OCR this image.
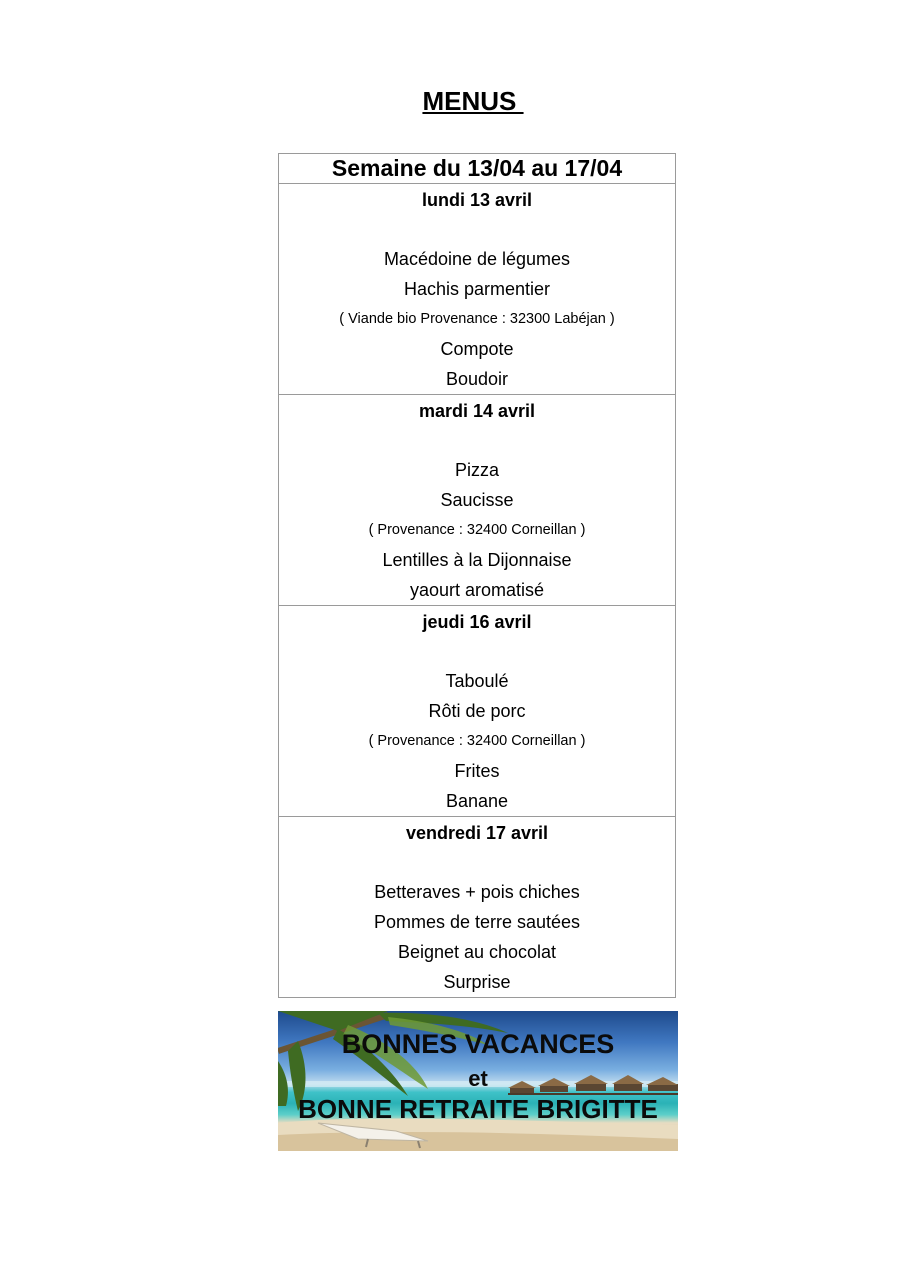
MENUS
Semaine du 13/04 au 17/04
lundi 13 avril
Macédoine de légumes
Hachis parmentier
( Viande bio Provenance : 32300 Labéjan )
Compote
Boudoir
mardi 14 avril
Pizza
Saucisse
( Provenance : 32400 Corneillan )
Lentilles à la Dijonnaise
yaourt aromatisé
jeudi 16 avril
Taboulé
Rôti de porc
( Provenance : 32400 Corneillan )
Frites
Banane
vendredi 17 avril
Betteraves + pois chiches
Pommes de terre sautées
Beignet au chocolat
Surprise
BONNES VACANCES
et
BONNE RETRAITE BRIGITTE
